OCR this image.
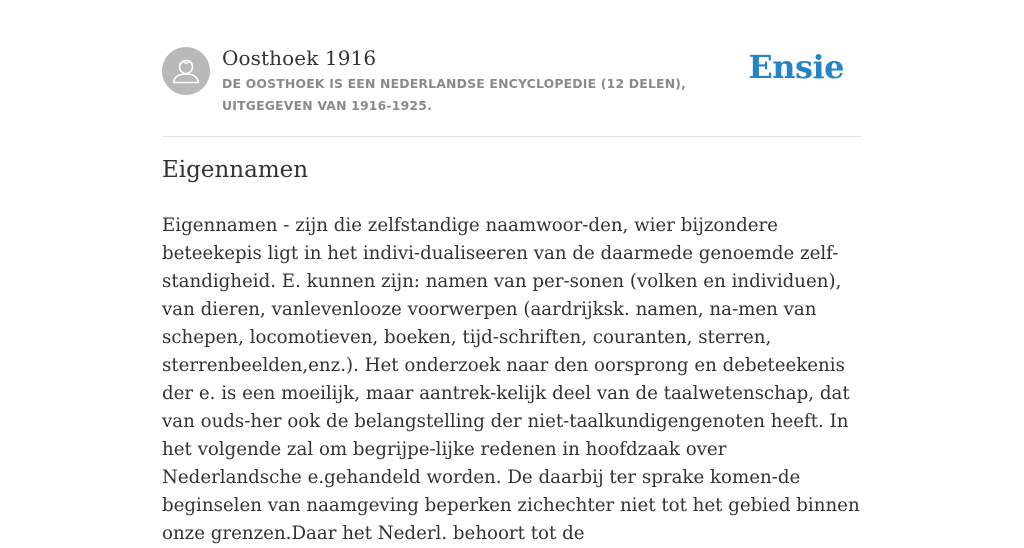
Oosthoek 1916
DE OOSTHOEK IS EEN NEDERLANDSE ENCYCLOPEDIE (12 DELEN), UITGEGEVEN VAN 1916-1925.
Ensie
Eigennamen

Eigennamen - zijn die zelfstandige naamwoor-den, wier bijzondere beteekepis ligt in het indivi-dualiseeren van de daarmede genoemde zelf-standigheid. E. kunnen zijn: namen van per-sonen (volken en individuen), van dieren, vanlevenlooze voorwerpen (aardrijksk. namen, na-men van schepen, locomotieven, boeken, tijd-schriften, couranten, sterren, sterrenbeelden,enz.). Het onderzoek naar den oorsprong en debeteekenis der e. is een moeilijk, maar aantrek-kelijk deel van de taalwetenschap, dat van ouds-her ook de belangstelling der niet-taalkundigengenoten heeft. In het volgende zal om begrijpe-lijke redenen in hoofdzaak over Nederlandsche e.gehandeld worden. De daarbij ter sprake komen-de beginselen van naamgeving beperken zichechter niet tot het gebied binnen onze grenzen.Daar het Nederl. behoort tot de
